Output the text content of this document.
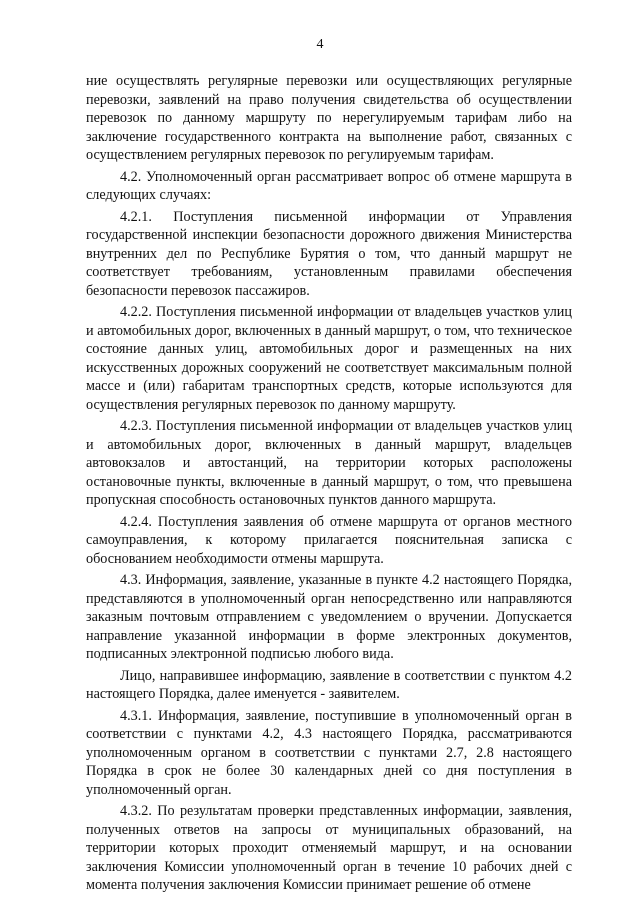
4

ние осуществлять регулярные перевозки или осуществляющих регулярные перевозки, заявлений на право получения свидетельства об осуществлении перевозок по данному маршруту по нерегулируемым тарифам либо на заключение государственного контракта на выполнение работ, связанных с осуществлением регулярных перевозок по регулируемым тарифам.

4.2. Уполномоченный орган рассматривает вопрос об отмене маршрута в следующих случаях:

4.2.1. Поступления письменной информации от Управления государственной инспекции безопасности дорожного движения Министерства внутренних дел по Республике Бурятия о том, что данный маршрут не соответствует требованиям, установленным правилами обеспечения безопасности перевозок пассажиров.

4.2.2. Поступления письменной информации от владельцев участков улиц и автомобильных дорог, включенных в данный маршрут, о том, что техническое состояние данных улиц, автомобильных дорог и размещенных на них искусственных дорожных сооружений не соответствует максимальным полной массе и (или) габаритам транспортных средств, которые используются для осуществления регулярных перевозок по данному маршруту.

4.2.3. Поступления письменной информации от владельцев участков улиц и автомобильных дорог, включенных в данный маршрут, владельцев автовокзалов и автостанций, на территории которых расположены остановочные пункты, включенные в данный маршрут, о том, что превышена пропускная способность остановочных пунктов данного маршрута.

4.2.4. Поступления заявления об отмене маршрута от органов местного самоуправления, к которому прилагается пояснительная записка с обоснованием необходимости отмены маршрута.

4.3. Информация, заявление, указанные в пункте 4.2 настоящего Порядка, представляются в уполномоченный орган непосредственно или направляются заказным почтовым отправлением с уведомлением о вручении. Допускается направление указанной информации в форме электронных документов, подписанных электронной подписью любого вида.

Лицо, направившее информацию, заявление в соответствии с пунктом 4.2 настоящего Порядка, далее именуется - заявителем.

4.3.1. Информация, заявление, поступившие в уполномоченный орган в соответствии с пунктами 4.2, 4.3 настоящего Порядка, рассматриваются уполномоченным органом в соответствии с пунктами 2.7, 2.8 настоящего Порядка в срок не более 30 календарных дней со дня поступления в уполномоченный орган.

4.3.2. По результатам проверки представленных информации, заявления, полученных ответов на запросы от муниципальных образований, на территории которых проходит отменяемый маршрут, и на основании заключения Комиссии уполномоченный орган в течение 10 рабочих дней с момента получения заключения Комиссии принимает решение об отмене
